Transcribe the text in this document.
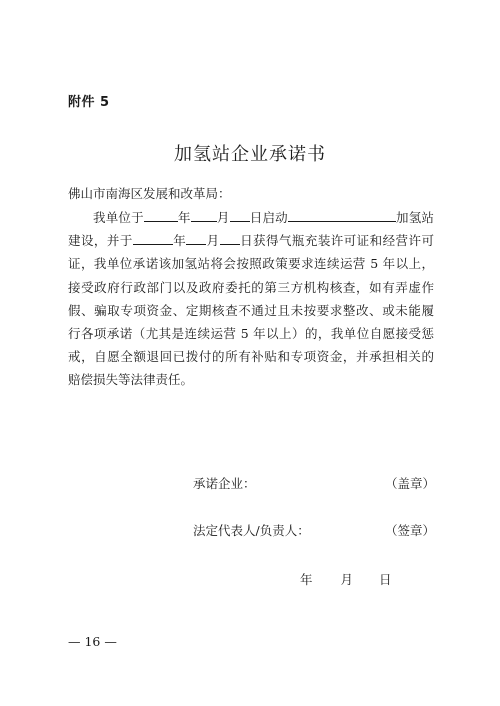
附件 5
加氢站企业承诺书
佛山市南海区发展和改革局：
我单位于	年 月 日启动	加氢站
建设，并于	年 月 日获得气瓶充装许可证和经营许可
证，我单位承诺该加氢站将会按照政策要求连续运营 5 年以上，
接受政府行政部门以及政府委托的第三方机构核查，如有弄虚作
假、骗取专项资金、定期核查不通过且未按要求整改、或未能履
行各项承诺（尤其是连续运营 5 年以上）的，我单位自愿接受惩
戒，自愿全额退回已拨付的所有补贴和专项资金，并承担相关的
赔偿损失等法律责任。
承诺企业：	（盖章）
法定代表人/负责人：	（签章）
年 月 日
— 16 —
